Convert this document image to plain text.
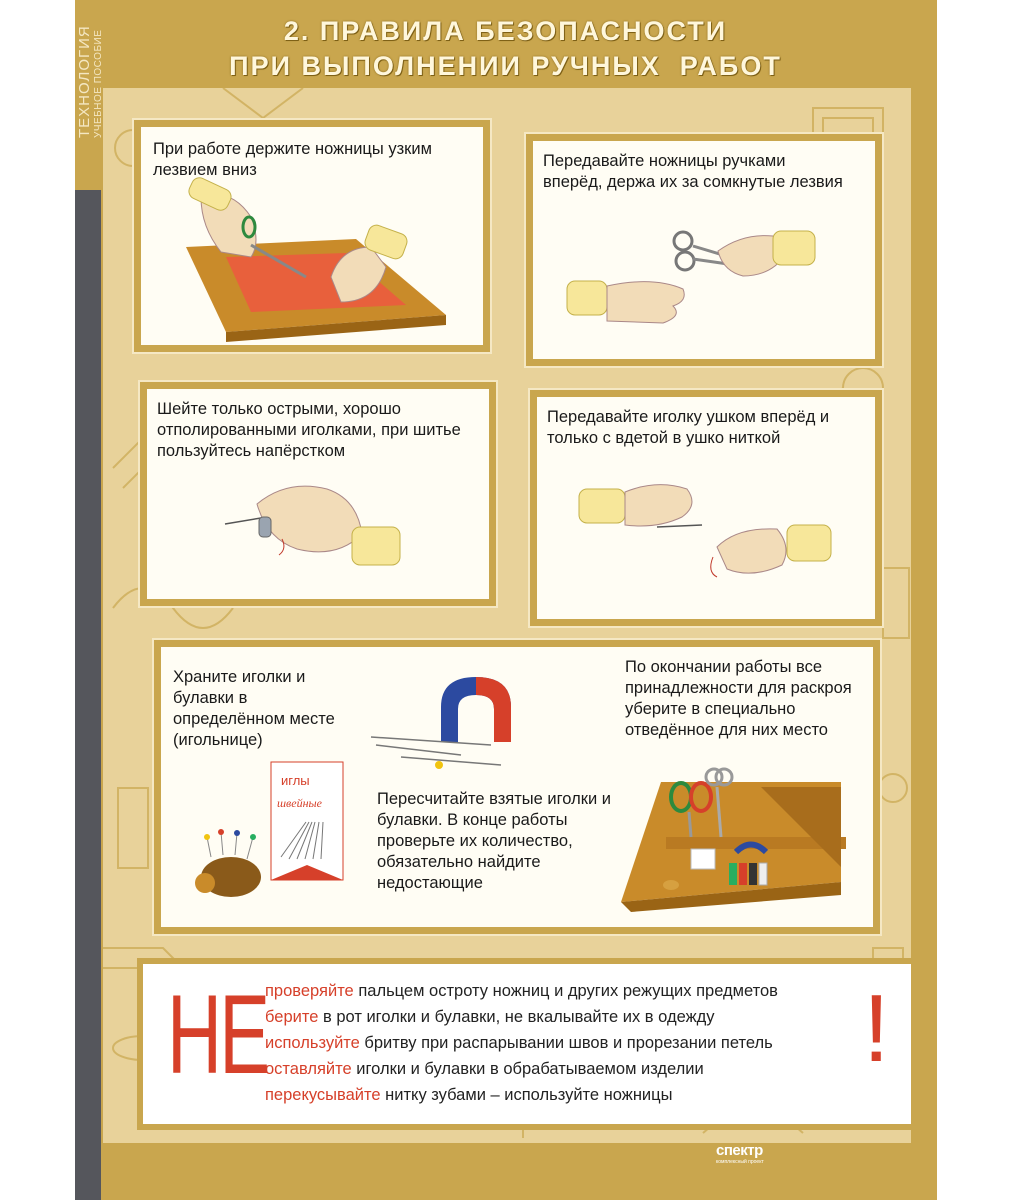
2. ПРАВИЛА БЕЗОПАСНОСТИ
ПРИ ВЫПОЛНЕНИИ РУЧНЫХ  РАБОТ
При работе держите ножницы узким лезвием вниз	Передавайте ножницы ручками вперёд, держа их за сомкнутые лезвия
Шейте только острыми, хорошо отполированными иголками, при шитье пользуйтесь напёрстком
Передавайте иголку ушком вперёд и только с вдетой в ушко ниткой
Храните иголки и булавки в определённом месте (игольнице)
Пересчитайте взятые иголки и булавки. В конце работы проверьте их количество, обязательно найдите недостающие
По окончании работы все принадлежности для раскроя уберите в специально отведённое для них место
иглы
швейные
НЕ
проверяйте пальцем остроту ножниц и других режущих предметов
берите в рот иголки и булавки, не вкалывайте их в одежду
используйте бритву при распарывании швов и прорезании петель
оставляйте иголки и булавки в обрабатываемом изделии
перекусывайте нитку зубами – используйте ножницы
!
спектр
комплексный проект
